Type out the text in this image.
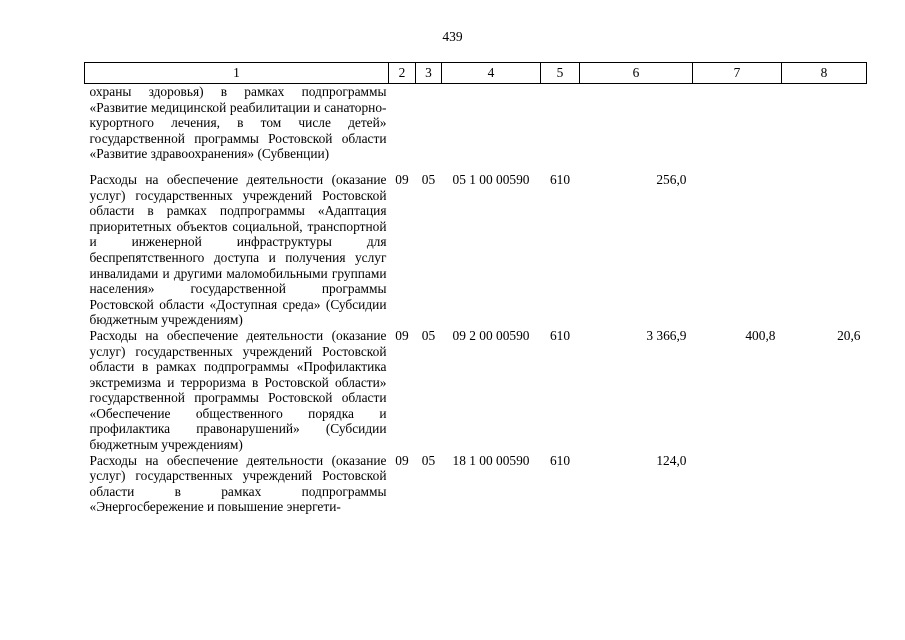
439
1	2	3	4	5	6	7	8
охраны здоровья) в рамках подпрограммы «Развитие медицинской реабилитации и санаторно-курортного лечения, в том числе детей» государственной программы Ростовской области «Развитие здравоохранения» (Субвенции)							
Расходы на обеспечение деятельности (оказание услуг) государственных учреждений Ростовской области в рамках подпрограммы «Адаптация приоритетных объектов социальной, транспортной и инженерной инфраструктуры для беспрепятственного доступа и получения услуг инвалидами и другими маломобильными группами населения» государственной программы Ростовской области «Доступная среда» (Субсидии бюджетным учреждениям)	09	05	05 1 00 00590	610	256,0		
Расходы на обеспечение деятельности (оказание услуг) государственных учреждений Ростовской области в рамках подпрограммы «Профилактика экстремизма и терроризма в Ростовской области» государственной программы Ростовской области «Обеспечение общественного порядка и профилактика правонарушений» (Субсидии бюджетным учреждениям)	09	05	09 2 00 00590	610	3 366,9	400,8	20,6
Расходы на обеспечение деятельности (оказание услуг) государственных учреждений Ростовской области в рамках подпрограммы «Энергосбережение и повышение энергети-	09	05	18 1 00 00590	610	124,0		
